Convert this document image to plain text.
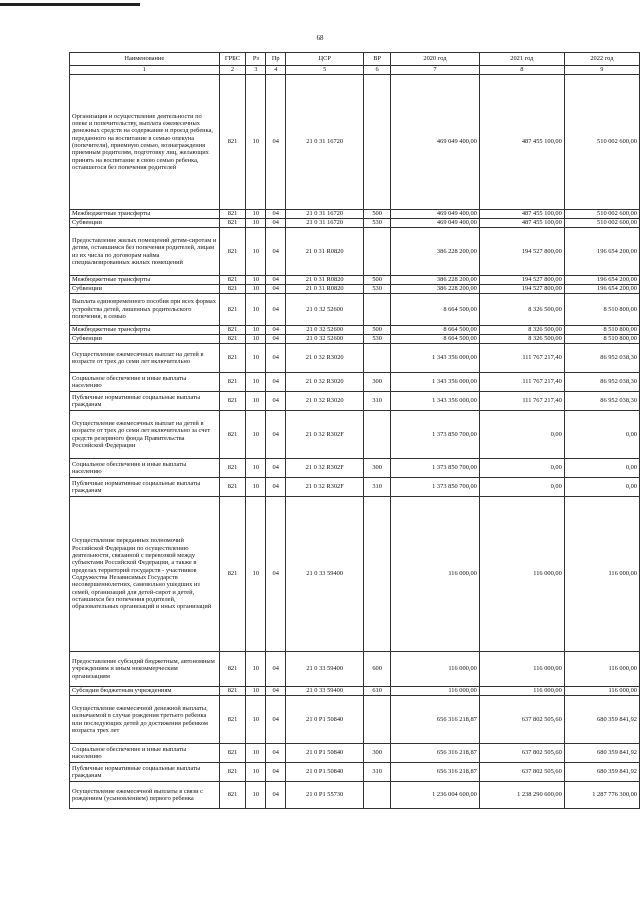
68
Наименование	ГРБС	Рз	Пр	ЦСР	ВР	2020 год	2021 год	2022 год
1	2	3	4	5	6	7	8	9
Организация и осуществление деятельности по опеке и попечительству, выплата ежемесячных денежных средств на содержание и проезд ребенка, переданного на воспитание в семью опекуна (попечителя), приемную семью, вознаграждения приемным родителям, подготовку лиц, желающих принять на воспитание в свою семью ребенка, оставшегося без попечения родителей	821	10	04	21 0 31 16720		469 049 400,00	487 455 100,00	510 002 600,00
Межбюджетные трансферты	821	10	04	21 0 31 16720	500	469 049 400,00	487 455 100,00	510 002 600,00
Субвенции	821	10	04	21 0 31 16720	530	469 049 400,00	487 455 100,00	510 002 600,00
Предоставление жилых помещений детям-сиротам и детям, оставшимся без попечения родителей, лицам из их числа по договорам найма специализированных жилых помещений	821	10	04	21 0 31 R0820		386 228 200,00	194 527 800,00	196 654 200,00
Межбюджетные трансферты	821	10	04	21 0 31 R0820	500	386 228 200,00	194 527 800,00	196 654 200,00
Субвенции	821	10	04	21 0 31 R0820	530	386 228 200,00	194 527 800,00	196 654 200,00
Выплата единовременного пособия при всех формах устройства детей, лишенных родительского попечения, в семью	821	10	04	21 0 32 52600		8 664 500,00	8 326 500,00	8 510 800,00
Межбюджетные трансферты	821	10	04	21 0 32 52600	500	8 664 500,00	8 326 500,00	8 510 800,00
Субвенции	821	10	04	21 0 32 52600	530	8 664 500,00	8 326 500,00	8 510 800,00
Осуществление ежемесячных выплат на детей в возрасте от трех до семи лет включительно	821	10	04	21 0 32 R3020		1 343 356 000,00	111 767 217,40	86 952 038,30
Социальное обеспечение и иные выплаты населению	821	10	04	21 0 32 R3020	300	1 343 356 000,00	111 767 217,40	86 952 038,30
Публичные нормативные социальные выплаты гражданам	821	10	04	21 0 32 R3020	310	1 343 356 000,00	111 767 217,40	86 952 038,30
Осуществление ежемесячных выплат на детей в возрасте от трех до семи лет включительно за счет средств резервного фонда Правительства Российской Федерации	821	10	04	21 0 32 R302F		1 373 850 700,00	0,00	0,00
Социальное обеспечение и иные выплаты населению	821	10	04	21 0 32 R302F	300	1 373 850 700,00	0,00	0,00
Публичные нормативные социальные выплаты гражданам	821	10	04	21 0 32 R302F	310	1 373 850 700,00	0,00	0,00
Осуществление переданных полномочий Российской Федерации по осуществлению деятельности, связанной с перевозкой между субъектами Российской Федерации, а также в пределах территорий государств - участников Содружества Независимых Государств несовершеннолетних, самовольно ушедших из семей, организаций для детей-сирот и детей, оставшихся без попечения родителей, образовательных организаций и иных организаций	821	10	04	21 0 33 59400		116 000,00	116 000,00	116 000,00
Предоставление субсидий бюджетным, автономным учреждениям и иным некоммерческим организациям	821	10	04	21 0 33 59400	600	116 000,00	116 000,00	116 000,00
Субсидии бюджетным учреждениям	821	10	04	21 0 33 59400	610	116 000,00	116 000,00	116 000,00
Осуществление ежемесячной денежной выплаты, назначаемой в случае рождения третьего ребенка или последующих детей до достижения ребенком возраста трех лет	821	10	04	21 0 P1 50840		656 316 218,87	637 802 505,60	680 359 841,92
Социальное обеспечение и иные выплаты населению	821	10	04	21 0 P1 50840	300	656 316 218,87	637 802 505,60	680 359 841,92
Публичные нормативные социальные выплаты гражданам	821	10	04	21 0 P1 50840	310	656 316 218,87	637 802 505,60	680 359 841,92
Осуществление ежемесячной выплаты в связи с рождением (усыновлением) первого ребенка	821	10	04	21 0 P1 55730		1 236 004 600,00	1 238 290 600,00	1 287 776 300,00
